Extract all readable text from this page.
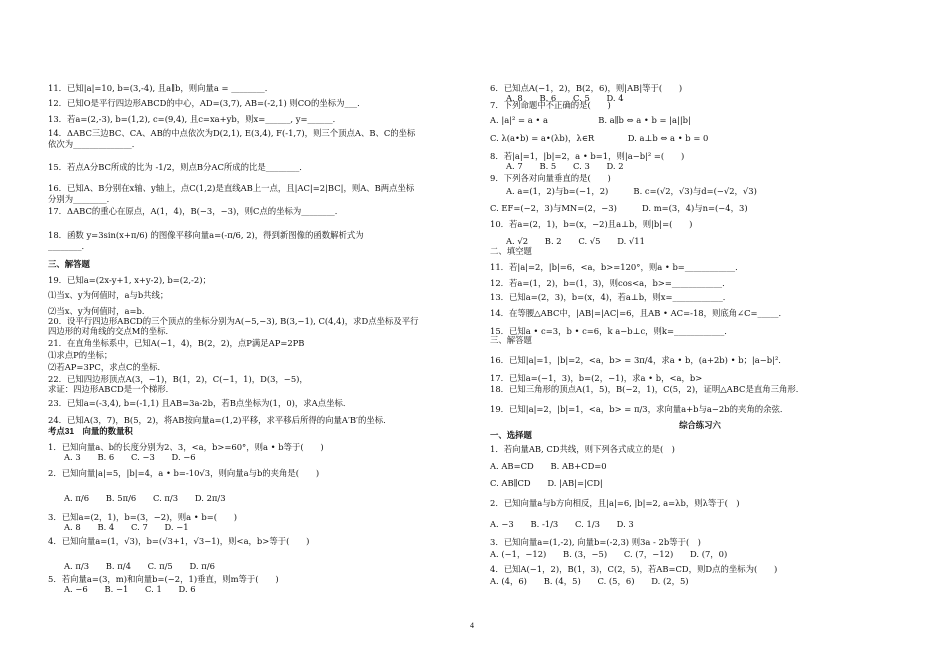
11．已知|a|=10, b=(3,-4), 且a∥b，则向量a = ________．
12．已知O是平行四边形ABCD的中心，AD=(3,7), AB=(-2,1) 则CO的坐标为___．
13．若a=(2,-3), b=(1,2), c=(9,4), 且c=xa+yb，则x=______, y=______．
14．ΔABC三边BC、CA、AB的中点依次为D(2,1), E(3,4), F(-1,7)，则三个顶点A、B、C的坐标
依次为______________．
15．若点A分BC所成的比为 -1/2，则点B分AC所成的比是________．
16．已知A、B分别在x轴、y轴上，点C(1,2)是直线AB上一点，且|AC|=2|BC|，则A、B两点坐标
分别为________．
17．ΔABC的重心在原点，A(1，4)，B(−3，−3)，则C点的坐标为________．
18．函数 y=3sin(x+π/6) 的图像平移向量a=(-π/6, 2)，得到新图像的函数解析式为
________．
三、解答题
19．已知a=(2x-y+1, x+y-2), b=(2,-2)；
⑴当x、y为何值时，a与b共线；
⑵当x、y为何值时，a=b．
20．设平行四边形ABCD的三个顶点的坐标分别为A(−5,−3), B(3,−1), C(4,4)，求D点坐标及平行
四边形的对角线的交点M的坐标．
21．在直角坐标系中，已知A(−1，4)，B(2，2)，点P满足AP=2PB
⑴求点P的坐标；
⑵若AP=3PC，求点C的坐标．
22．已知四边形顶点A(3，−1)，B(1，2)，C(−1，1)，D(3，−5)，
求证：四边形ABCD是一个梯形．
23．已知a=(-3,4), b=(-1,1) 且AB=3a-2b，若B点坐标为(1，0)，求A点坐标．
24．已知A(3，7)，B(5，2)，将AB按向量a=(1,2)平移，求平移后所得的向量A′B′的坐标．
考点31　向量的数量积
1．已知向量a、b的长度分别为2、3，<a，b>=60°，则a • b等于(　　)
A. 3　　B. 6　　C. −3　　D. −6
2．已知向量|a|=5，|b|=4，a • b=-10√3，则向量a与b的夹角是(　　)
A. π/6　　B. 5π/6　　C. π/3　　D. 2π/3
3．已知a=(2，1)，b=(3，−2)，则a • b=(　　)
A. 8　　B. 4　　C. 7　　D. −1
4．已知向量a=(1，√3)，b=(√3+1，√3−1)，则<a，b>等于(　　)
A. π/3　　B. π/4　　C. π/5　　D. π/6
5．若向量a=(3，m)和向量b=(−2，1)垂直，则m等于(　　)
A. −6　　B. −1　　C. 1　　D. 6
6．已知点A(−1，2)，B(2，6)，则|AB|等于(　　)
A. 8　　B. 6　　C. 5　　D. 4
7．下列命题中不正确的是(　　)
A. |a|² = a • a　　　　　　B. a∥b ⇔ a • b = |a||b|
C. λ(a•b) = a•(λb)，λ∈R　　　　D. a⊥b ⇔ a • b = 0
8．若|a|=1，|b|=2，a • b=1，则|a−b|² =(　　)
A. 7　　B. 5　　C. 3　　D. 2
9．下列各对向量垂直的是(　　)
A. a=(1，2)与b=(−1，2)　　　B. c=(√2，√3)与d=(−√2，√3)
C. EF=(−2，3)与MN=(2，−3)　　　D. m=(3，4)与n=(−4，3)
10．若a=(2，1)，b=(x，−2)且a⊥b，则|b|=(　　)
A. √2　　B. 2　　C. √5　　D. √11
二、填空题
11．若|a|=2，|b|=6，<a，b>=120°，则a • b=____________．
12．若a=(1，2)，b=(1，3)，则cos<a，b>=____________．
13．已知a=(2，3)，b=(x，4)，若a⊥b，则x=____________．
14．在等腰△ABC中，|AB|=|AC|=6，且AB • AC=-18，则底角∠C=_____．
15．已知a • c=3，b • c=6，k a−b⊥c，则k=____________．
三、解答题
16．已知|a|=1，|b|=2，<a，b> = 3π/4，求a • b，(a+2b) • b；|a−b|²．
17．已知a=(−1，3)，b=(2，−1)，求a • b，<a，b>
18．已知三角形的顶点A(1，5)，B(−2，1)，C(5，2)，证明△ABC是直角三角形．
19．已知|a|=2，|b|=1，<a，b> = π/3，求向量a+b与a−2b的夹角的余弦．
综合练习六
一、选择题
1．若向量AB, CD共线，则下列各式成立的是(　)
A. AB=CD　　B. AB+CD=0
C. AB∥CD　　D. |AB|=|CD|
2．已知向量a与b方向相反，且|a|=6, |b|=2, a=λb，则λ等于(　)
A. −3　　B. -1/3　　C. 1/3　　D. 3
3．已知向量a=(1,-2), 向量b=(-2,3) 则3a - 2b等于(　)
A. (−1，−12)　　B. (3，−5)　　C. (7，−12)　　D. (7，0)
4．已知A(−1，2)，B(1，3)，C(2，5)，若AB=CD，则D点的坐标为(　　)
A. (4，6)　　B. (4，5)　　C. (5，6)　　D. (2，5)
4
